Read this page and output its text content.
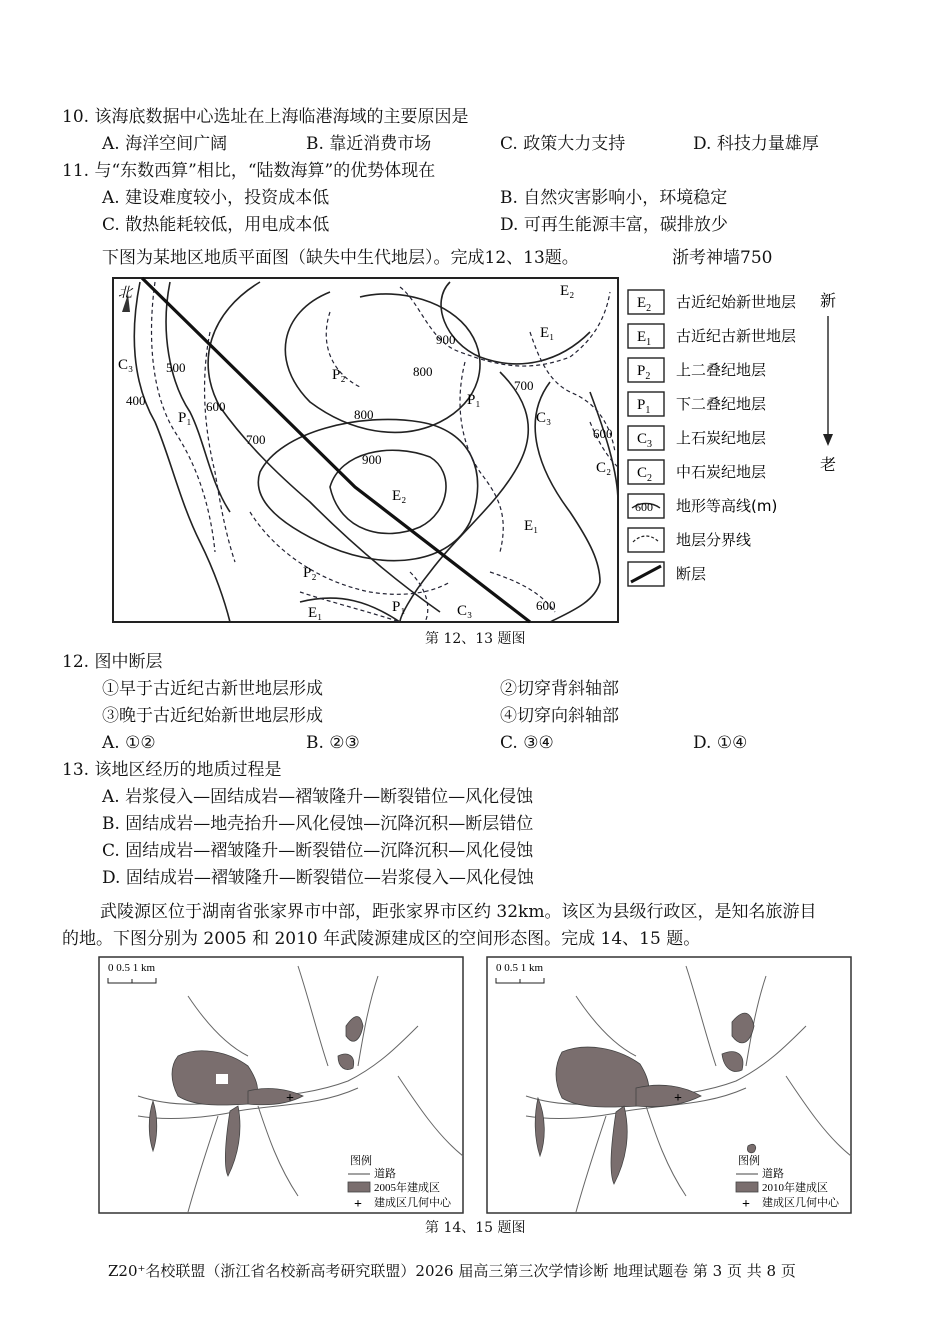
10. 该海底数据中心选址在上海临港海域的主要原因是
A. 海洋空间广阔	B. 靠近消费市场	C. 政策大力支持	D. 科技力量雄厚
11. 与“东数西算”相比，“陆数海算”的优势体现在
A. 建设难度较小，投资成本低	B. 自然灾害影响小，环境稳定
C. 散热能耗较低，用电成本低	D. 可再生能源丰富，碳排放少
下图为某地区地质平面图（缺失中生代地层）。完成12、13题。	浙考神墙750
北
500
400	600
700
800
900
900
800
700
600
600
C₃
P₁
P₂
E₂
E₁
P₁
C₃
C₂
E₂
E₁
P₂
E₁	P₁	C₃
$E_2$ 古近纪始新世地层
$E_1$ 古近纪古新世地层
$P_2$ 上二叠纪地层
$P_1$ 下二叠纪地层
$C_3$ 上石炭纪地层
$C_2$ 中石炭纪地层
600 地形等高线(m)
地层分界线
断层
新
老
第 12、13 题图
12. 图中断层
①早于古近纪古新世地层形成	②切穿背斜轴部
③晚于古近纪始新世地层形成	④切穿向斜轴部
A. ①②	B. ②③	C. ③④	D. ①④
13. 该地区经历的地质过程是
A. 岩浆侵入—固结成岩—褶皱隆升—断裂错位—风化侵蚀
B. 固结成岩—地壳抬升—风化侵蚀—沉降沉积—断层错位
C. 固结成岩—褶皱隆升—断裂错位—沉降沉积—风化侵蚀
D. 固结成岩—褶皱隆升—断裂错位—岩浆侵入—风化侵蚀
武陵源区位于湖南省张家界市中部，距张家界市区约 32km。该区为县级行政区，是知名旅游目
的地。下图分别为 2005 和 2010 年武陵源建成区的空间形态图。完成 14、15 题。
0 0.5 1 km
+
图例
道路
2005年建成区
+ 建成区几何中心
0 0.5 1 km
+
图例
道路
2010年建成区
+ 建成区几何中心
第 14、15 题图
Z20⁺名校联盟（浙江省名校新高考研究联盟）2026 届高三第三次学情诊断 地理试题卷 第 3 页 共 8 页
